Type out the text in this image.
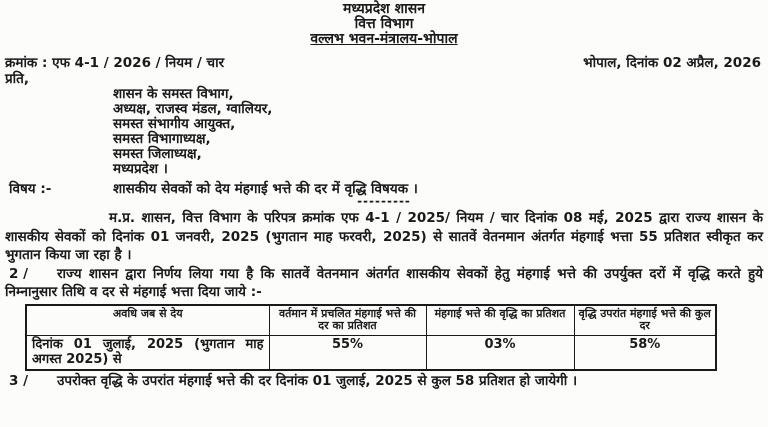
मध्यप्रदेश शासन
वित्त विभाग
वल्लभ भवन-मंत्रालय-भोपाल
क्रमांक : एफ 4-1 / 2026 / नियम / चार	भोपाल, दिनांक 02 अप्रैल, 2026
प्रति,
शासन के समस्त विभाग,
अध्यक्ष, राजस्व मंडल, ग्वालियर,
समस्त संभागीय आयुक्त,
समस्त विभागाध्यक्ष,
समस्त जिलाध्यक्ष,
मध्यप्रदेश ।
विषय :-	शासकीय सेवकों को देय मंहगाई भत्ते की दर में वृद्धि विषयक ।
---------

म.प्र. शासन, वित्त विभाग के परिपत्र क्रमांक एफ 4-1 / 2025/ नियम / चार दिनांक 08 मई, 2025 द्वारा राज्य शासन के शासकीय सेवकों को दिनांक 01 जनवरी, 2025 (भुगतान माह फरवरी, 2025) से सातवें वेतनमान अंतर्गत मंहगाई भत्ता 55 प्रतिशत स्वीकृत कर भुगतान किया जा रहा है ।

2 / राज्य शासन द्वारा निर्णय लिया गया है कि सातवें वेतनमान अंतर्गत शासकीय सेवकों हेतु मंहगाई भत्ते की उपर्युक्त दरों में वृद्धि करते हुये निम्नानुसार तिथि व दर से मंहगाई भत्ता दिया जाये :-

अवधि जब से देय	वर्तमान में प्रचलित मंहगाई भत्ते की दर का प्रतिशत	मंहगाई भत्ते की वृद्धि का प्रतिशत	वृद्धि उपरांत मंहगाई भत्ते की कुल दर
दिनांक 01 जुलाई, 2025 (भुगतान माह अगस्त 2025) से	55%	03%	58%

3 / उपरोक्त वृद्धि के उपरांत मंहगाई भत्ते की दर दिनांक 01 जुलाई, 2025 से कुल 58 प्रतिशत हो जायेगी ।
